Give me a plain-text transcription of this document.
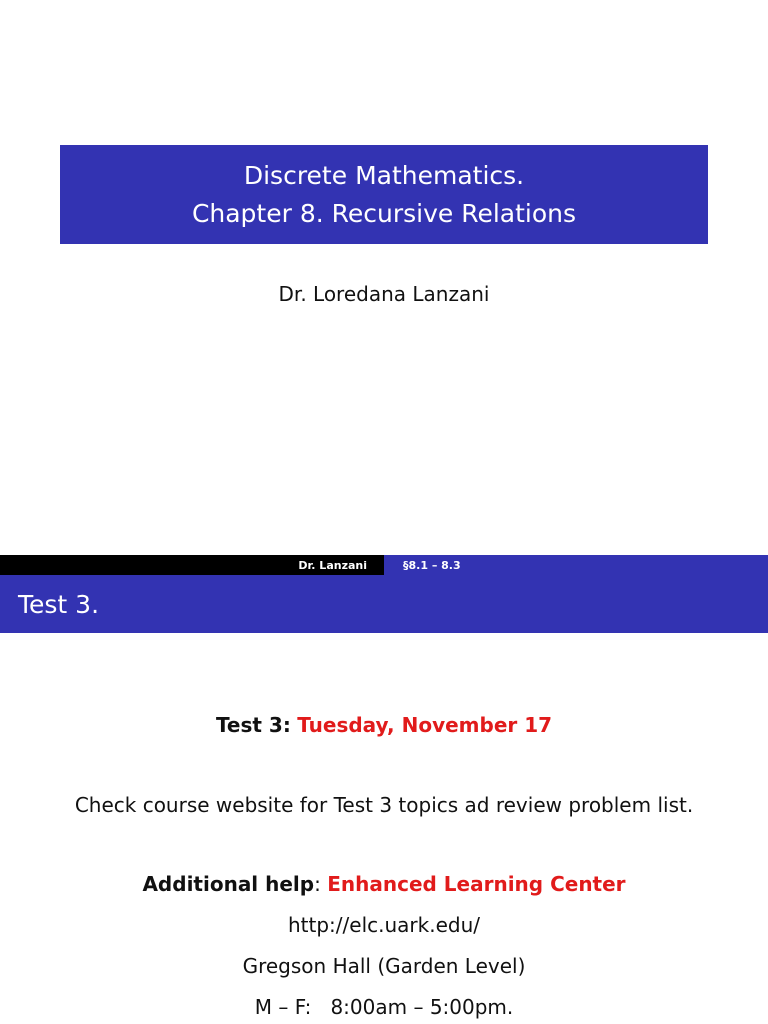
Discrete Mathematics.
Chapter 8. Recursive Relations
Dr. Loredana Lanzani
Dr. Lanzani	§8.1 – 8.3
Test 3.
Test 3: Tuesday, November 17
Check course website for Test 3 topics ad review problem list.
Additional help: Enhanced Learning Center
http://elc.uark.edu/
Gregson Hall (Garden Level)
M – F:   8:00am – 5:00pm.
